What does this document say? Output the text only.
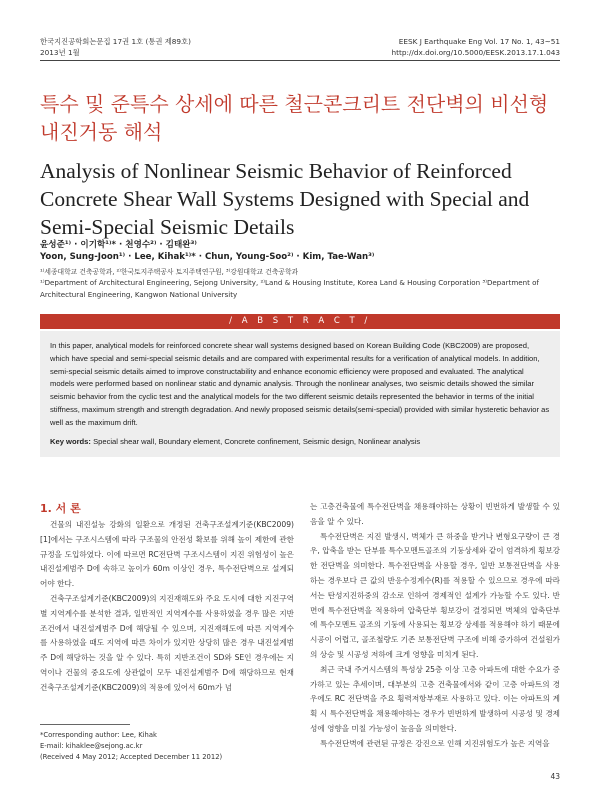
한국지진공학회논문집 17권 1호 (통권 제89호)
2013년 1월
EESK J Earthquake Eng Vol. 17 No. 1, 43~51
http://dx.doi.org/10.5000/EESK.2013.17.1.043
특수 및 준특수 상세에 따른 철근콘크리트 전단벽의 비선형 내진거동 해석
Analysis of Nonlinear Seismic Behavior of Reinforced Concrete Shear Wall Systems Designed with Special and Semi-Special Seismic Details
윤성준¹⁾ · 이기학¹⁾* · 천영수²⁾ · 김태완³⁾
Yoon, Sung-Joon¹⁾ · Lee, Kihak¹⁾* · Chun, Young-Soo²⁾ · Kim, Tae-Wan³⁾
¹⁾세종대학교 건축공학과, ²⁾한국토지주택공사 토지주택연구원, ³⁾강원대학교 건축공학과
¹⁾Department of Architectural Engineering, Sejong University, ²⁾Land & Housing Institute, Korea Land & Housing Corporation ³⁾Department of Architectural Engineering, Kangwon National University
/ A B S T R A C T /
In this paper, analytical models for reinforced concrete shear wall systems designed based on Korean Building Code (KBC2009) are proposed, which have special and semi-special seismic details and are compared with experimental results for a verification of analytical models. In addition, semi-special seismic details aimed to improve constructability and enhance economic efficiency were proposed and evaluated. The analytical models were performed based on nonlinear static and dynamic analysis. Through the nonlinear analyses, two seismic details showed the similar seismic behavior from the cyclic test and the analytical models for the two different seismic details represented the behavior in terms of the initial stiffness, maximum strength and strength degradation. And newly proposed seismic details(semi-special) provided with similar hysteretic behavior as well as the maximum drift.
Key words: Special shear wall, Boundary element, Concrete confinement, Seismic design, Nonlinear analysis
1. 서 론

건물의 내진설능 강화의 일환으로 개정된 건축구조설계기준(KBC2009) [1]에서는 구조시스템에 따라 구조물의 안전성 확보를 위해 높이 제한에 관한 규정을 도입하였다. 이에 따르면 RC전단벽 구조시스템이 지진 위험성이 높은 내진설계범주 D에 속하고 높이가 60m 이상인 경우, 특수전단벽으로 설계되어야 한다.

건축구조설계기준(KBC2009)의 지진재해도와 주요 도시에 대한 지진구역별 지역계수를 분석한 결과, 일반적인 지역계수를 사용하였을 경우 많은 지반조건에서 내진설계범주 D에 해당될 수 있으며, 지진재해도에 따른 지역계수를 사용하였을 때도 지역에 따른 차이가 있지만 상당히 많은 경우 내진설계범주 D에 해당하는 것을 알 수 있다. 특히 지반조건이 SD와 SE인 경우에는 지역이나 건물의 중요도에 상관없이 모두 내진설계범주 D에 해당하므로 현재 건축구조설계기준(KBC2009)의 적용에 있어서 60m가 넘

는 고층건축물에 특수전단벽을 채용해야하는 상황이 빈번하게 발생할 수 있음을 알 수 있다.

특수전단벽은 지진 발생시, 벽체가 큰 하중을 받거나 변형요구량이 큰 경우, 압축을 받는 단부를 특수모멘트골조의 기둥상세와 같이 엄격하게 횡보강한 전단벽을 의미한다. 특수전단벽을 사용할 경우, 일반 보통전단벽을 사용하는 경우보다 큰 값의 반응수정계수(R)를 적용할 수 있으므로 경우에 따라서는 탄성지진하중의 감소로 인하여 경제적인 설계가 가능할 수도 있다. 반면에 특수전단벽을 적용하여 압축단부 횡보강이 결정되면 벽체의 압축단부에 특수모멘트 골조의 기둥에 사용되는 횡보강 상세를 적용해야 하기 때문에 시공이 어렵고, 골조철량도 기존 보통전단벽 구조에 비해 증가하여 건설원가의 상승 및 시공성 저하에 크게 영향을 미치게 된다.

최근 국내 주거시스템의 특성상 25층 이상 고층 아파트에 대한 수요가 증가하고 있는 추세이며, 대부분의 고층 건축물에서와 같이 고층 아파트의 경우에도 RC 전단벽을 주요 횡력저항부재로 사용하고 있다. 이는 아파트의 계획 시 특수전단벽을 채용해야하는 경우가 빈번하게 발생하여 시공성 및 경제성에 영향을 미칠 가능성이 높음을 의미한다.

특수전단벽에 관련된 규정은 강진으로 인해 지진위험도가 높은 지역을

*Corresponding author: Lee, Kihak
E-mail: kihaklee@sejong.ac.kr
(Received 4 May 2012; Accepted December 11 2012)
43
